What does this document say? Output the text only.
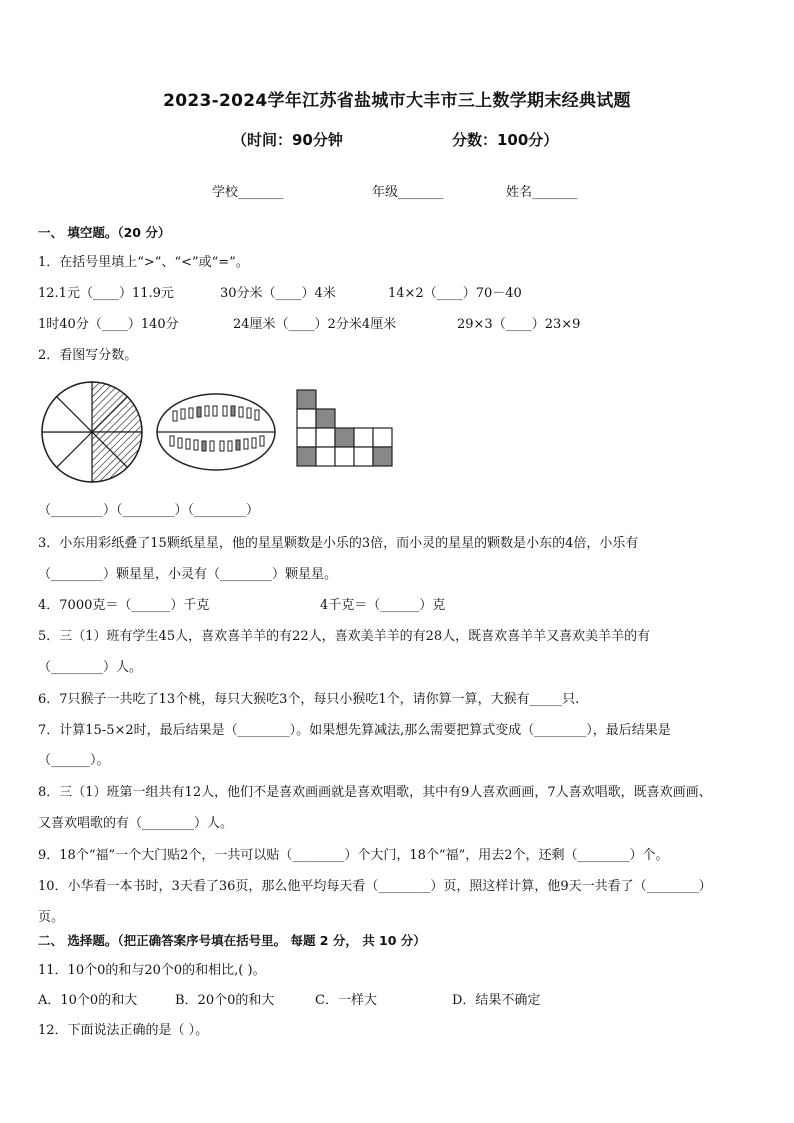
2023-2024学年江苏省盐城市大丰市三上数学期末经典试题
（时间：90分钟	分数：100分）
学校_______	年级_______	姓名_______
一、 填空题。（20 分）
1．在括号里填上“>”、“<”或“=”。
12.1元（____）11.9元	30分米（____）4米	14×2（____）70－40
1时40分（____）140分	24厘米（____）2分米4厘米	29×3（____）23×9
2．看图写分数。
（________）（________）（________）
3．小东用彩纸叠了15颗纸星星，他的星星颗数是小乐的3倍，而小灵的星星的颗数是小东的4倍，小乐有
（________）颗星星，小灵有（________）颗星星。
4．7000克＝（______）千克	4千克＝（______）克
5．三（1）班有学生45人，喜欢喜羊羊的有22人，喜欢美羊羊的有28人，既喜欢喜羊羊又喜欢美羊羊的有
（________）人。
6．7只猴子一共吃了13个桃，每只大猴吃3个，每只小猴吃1个，请你算一算，大猴有_____只.
7．计算15-5×2时，最后结果是（________）。如果想先算减法,那么需要把算式变成（________），最后结果是
（______）。
8．三（1）班第一组共有12人，他们不是喜欢画画就是喜欢唱歌，其中有9人喜欢画画，7人喜欢唱歌，既喜欢画画、
又喜欢唱歌的有（________）人。
9．18个“福”一个大门贴2个，一共可以贴（________）个大门，18个“福”，用去2个，还剩（________）个。
10．小华看一本书时，3天看了36页，那么他平均每天看（________）页，照这样计算，他9天一共看了（________）
页。
二、 选择题。（把正确答案序号填在括号里。 每题 2 分， 共 10 分）
11．10个0的和与20个0的和相比,( )。
A．10个0的和大	B．20个0的和大	C．一样大	D．结果不确定
12．下面说法正确的是（ ）。
